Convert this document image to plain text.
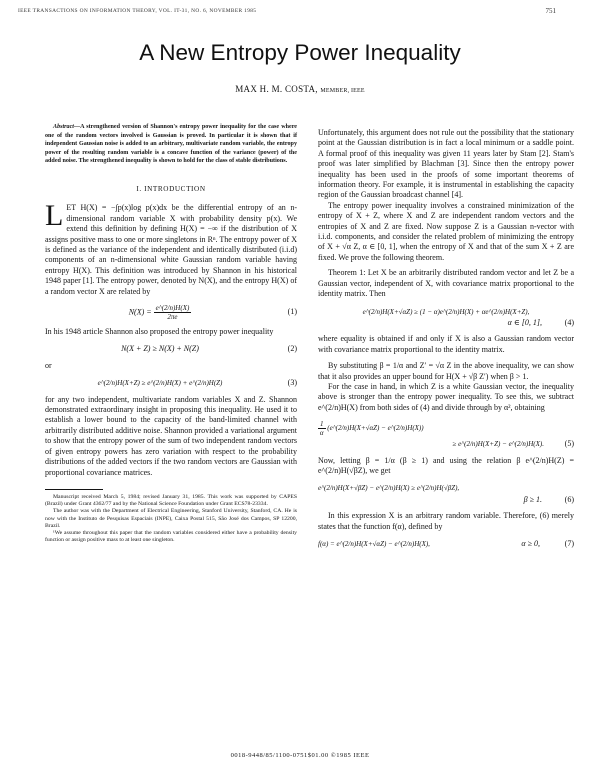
IEEE TRANSACTIONS ON INFORMATION THEORY, VOL. IT-31, NO. 6, NOVEMBER 1985	751
A New Entropy Power Inequality
MAX H. M. COSTA, MEMBER, IEEE

Abstract—A strengthened version of Shannon's entropy power inequality for the case where one of the random vectors involved is Gaussian is proved. In particular it is shown that if independent Gaussian noise is added to an arbitrary, multivariate random variable, the entropy power of the resulting random variable is a concave function of the variance (power) of the added noise. The strengthened inequality is shown to hold for the class of stable distributions.

I. INTRODUCTION

LET H(X) = −∫p(x)log p(x)dx be the differential entropy of an n-dimensional random variable X with probability density p(x). We extend this definition by defining H(X) = −∞ if the distribution of X assigns positive mass to one or more singletons in Rⁿ. The entropy power of X is defined as the variance of the independent and identically distributed (i.i.d) components of an n-dimensional white Gaussian random variable having entropy H(X). This definition was introduced by Shannon in his historical 1948 paper [1]. The entropy power, denoted by N(X), and the entropy H(X) of a random vector X are related by

$N(X) = \frac{e\^{}(2/n)H(X)}{2\pi e}$	(1)

In his 1948 article Shannon also proposed the entropy power inequality

N(X + Z) ≥ N(X) + N(Z)	(2)

or

e^(2/n)H(X+Z) ≥ e^(2/n)H(X) + e^(2/n)H(Z)	(3)

for any two independent, multivariate random variables X and Z. Shannon demonstrated extraordinary insight in proposing this inequality. He used it to establish a lower bound to the capacity of the band-limited channel with arbitrarily distributed additive noise. Shannon provided a variational argument to show that the entropy power of the sum of two independent random vectors of given entropy powers has zero variation with respect to the probability distributions of the added vectors if the two random vectors are Gaussian with proportional covariance matrices.

Manuscript received March 5, 1984; revised January 31, 1985. This work was supported by CAPES (Brazil) under Grant 4362/77 and by the National Science Foundation under Grant ECS78-23334.

The author was with the Department of Electrical Engineering, Stanford University, Stanford, CA. He is now with the Instituto de Pesquisas Espaciais (INPE), Caixa Postal 515, São José dos Campos, SP 12200, Brazil.

¹We assume throughout this paper that the random variables considered either have a probability density function or assign positive mass to at least one singleton.

Unfortunately, this argument does not rule out the possibility that the stationary point at the Gaussian distribution is in fact a local minimum or a saddle point. A formal proof of this inequality was given 11 years later by Stam [2]. Stam's proof was later simplified by Blachman [3]. Since then the entropy power inequality has been used in the proofs of some important theorems of information theory. For example, it is instrumental in establishing the capacity region of the Gaussian broadcast channel [4].

The entropy power inequality involves a constrained minimization of the entropy of X + Z, where X and Z are independent random vectors and the entropies of X and Z are fixed. Now suppose Z is a Gaussian n-vector with i.i.d. components, and consider the related problem of minimizing the entropy of X + √α Z, α ∈ [0, 1], when the entropy of X and that of the sum X + Z are fixed. We prove the following theorem.

Theorem 1: Let X be an arbitrarily distributed random vector and let Z be a Gaussian vector, independent of X, with covariance matrix proportional to the identity matrix. Then

e^(2/n)H(X+√αZ) ≥ (1 − α)e^(2/n)H(X) + αe^(2/n)H(X+Z),
α ∈ [0, 1],	(4)

where equality is obtained if and only if X is also a Gaussian random vector with covariance matrix proportional to the identity matrix.

By substituting β = 1/α and Z′ = √α Z in the above inequality, we can show that it also provides an upper bound for H(X + √β Z′) when β > 1.

For the case in hand, in which Z is a white Gaussian vector, the inequality above is stronger than the entropy power inequality. To see this, we subtract e^(2/n)H(X) from both sides of (4) and divide through by α², obtaining

$\frac{1}{\alpha}$ (e^(2/n)H(X+√αZ) − e^(2/n)H(X))
≥ e^(2/n)H(X+Z) − e^(2/n)H(X).	(5)

Now, letting β = 1/α (β ≥ 1) and using the relation β e^(2/n)H(Z) = e^(2/n)H(√βZ), we get

e^(2/n)H(X+√βZ) − e^(2/n)H(X) ≥ e^(2/n)H(√βZ),
β ≥ 1.	(6)

In this expression X is an arbitrary random variable. Therefore, (6) merely states that the function f(α), defined by

f(α) = e^(2/n)H(X+√αZ) − e^(2/n)H(X),	α ≥ 0,	(7)
0018-9448/85/1100-0751$01.00 ©1985 IEEE
